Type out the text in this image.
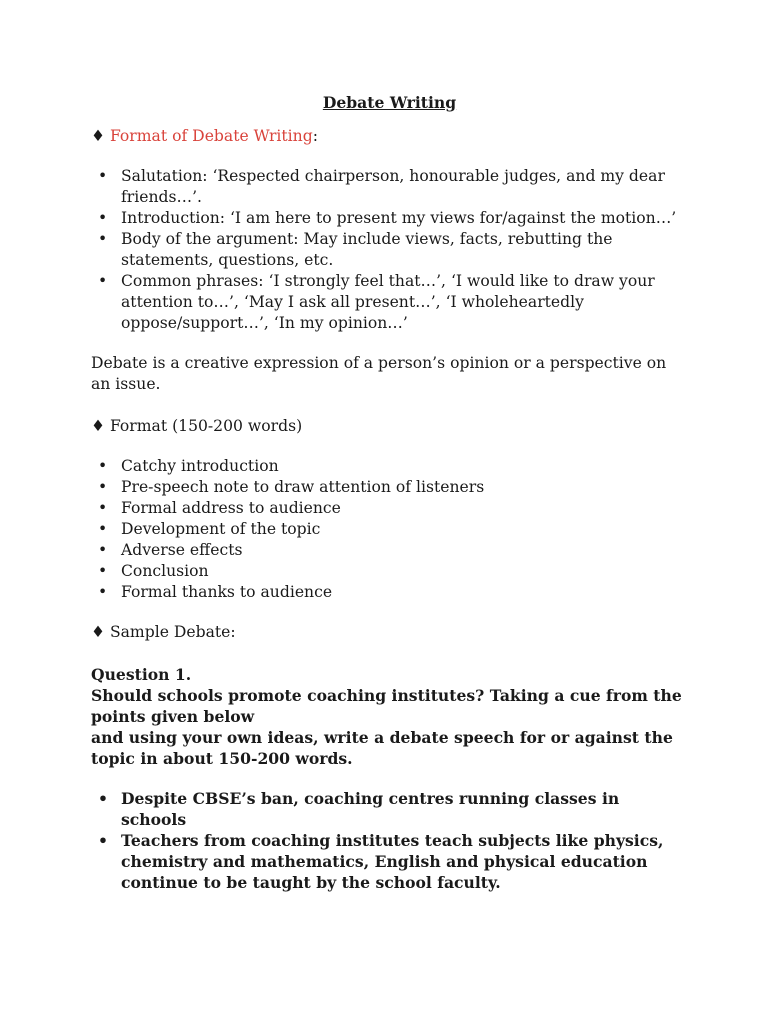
Debate Writing

♦ Format of Debate Writing:

• Salutation: ‘Respected chairperson, honourable judges, and my dear friends…’.
• Introduction: ‘I am here to present my views for/against the motion…’
• Body of the argument: May include views, facts, rebutting the statements, questions, etc.
• Common phrases: ‘I strongly feel that…’, ‘I would like to draw your attention to…’, ‘May I ask all present…’, ‘I wholeheartedly oppose/support…’, ‘In my opinion…’

Debate is a creative expression of a person’s opinion or a perspective on an issue.

♦ Format (150-200 words)

• Catchy introduction
• Pre-speech note to draw attention of listeners
• Formal address to audience
• Development of the topic
• Adverse effects
• Conclusion
• Formal thanks to audience

♦ Sample Debate:

Question 1.

Should schools promote coaching institutes? Taking a cue from the points given below

and using your own ideas, write a debate speech for or against the topic in about 150-200 words.

• Despite CBSE’s ban, coaching centres running classes in schools
• Teachers from coaching institutes teach subjects like physics, chemistry and mathematics, English and physical education continue to be taught by the school faculty.
